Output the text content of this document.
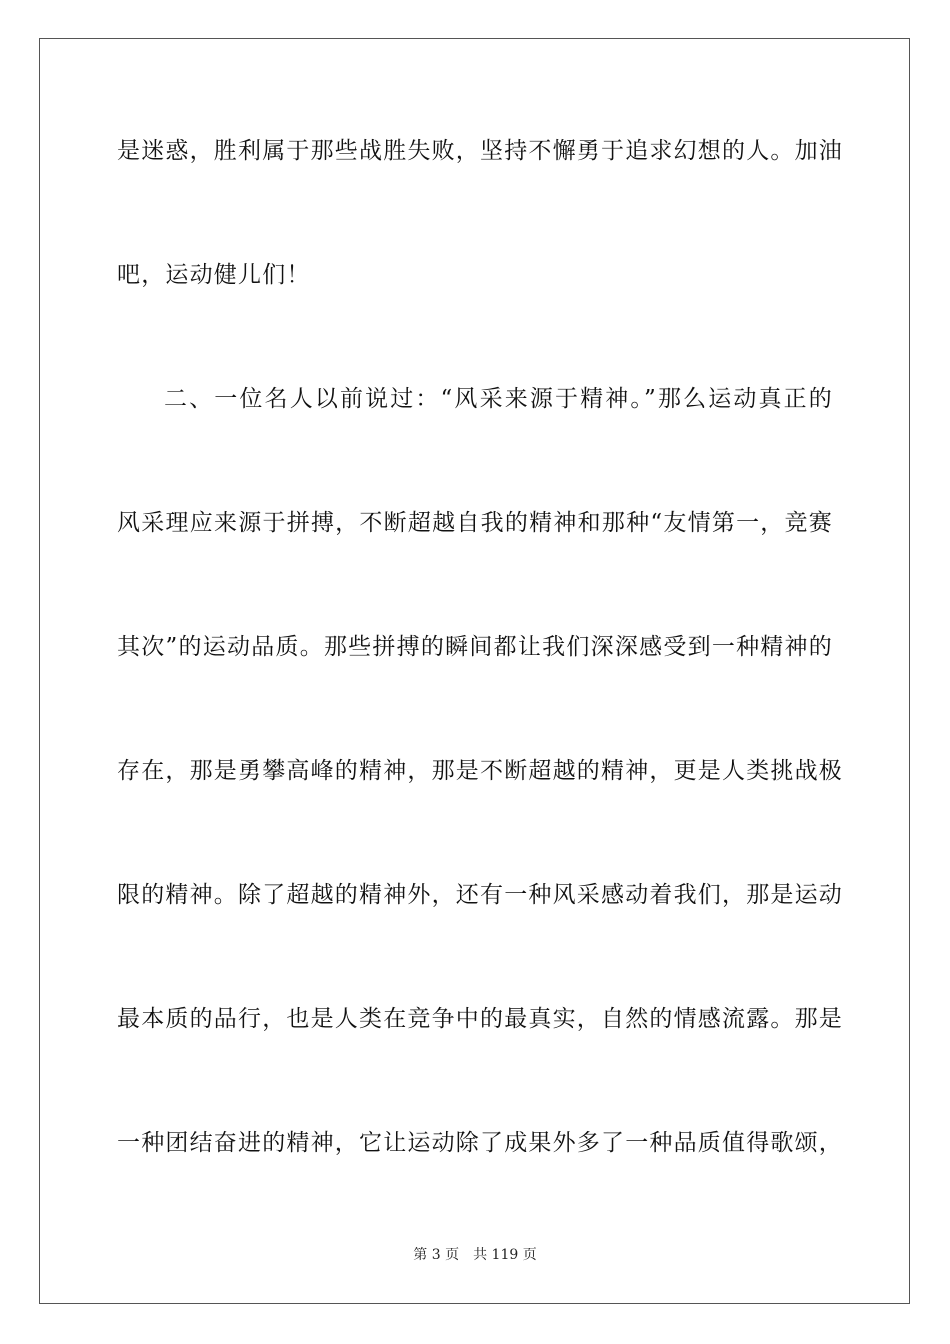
是迷惑，胜利属于那些战胜失败，坚持不懈勇于追求幻想的人。加油
吧，运动健儿们！
二、一位名人以前说过：“风采来源于精神。”那么运动真正的
风采理应来源于拼搏，不断超越自我的精神和那种“友情第一，竞赛
其次”的运动品质。那些拼搏的瞬间都让我们深深感受到一种精神的
存在，那是勇攀高峰的精神，那是不断超越的精神，更是人类挑战极
限的精神。除了超越的精神外，还有一种风采感动着我们，那是运动
最本质的品行，也是人类在竞争中的最真实，自然的情感流露。那是
一种团结奋进的精神，它让运动除了成果外多了一种品质值得歌颂，
第 3 页　共 119 页
